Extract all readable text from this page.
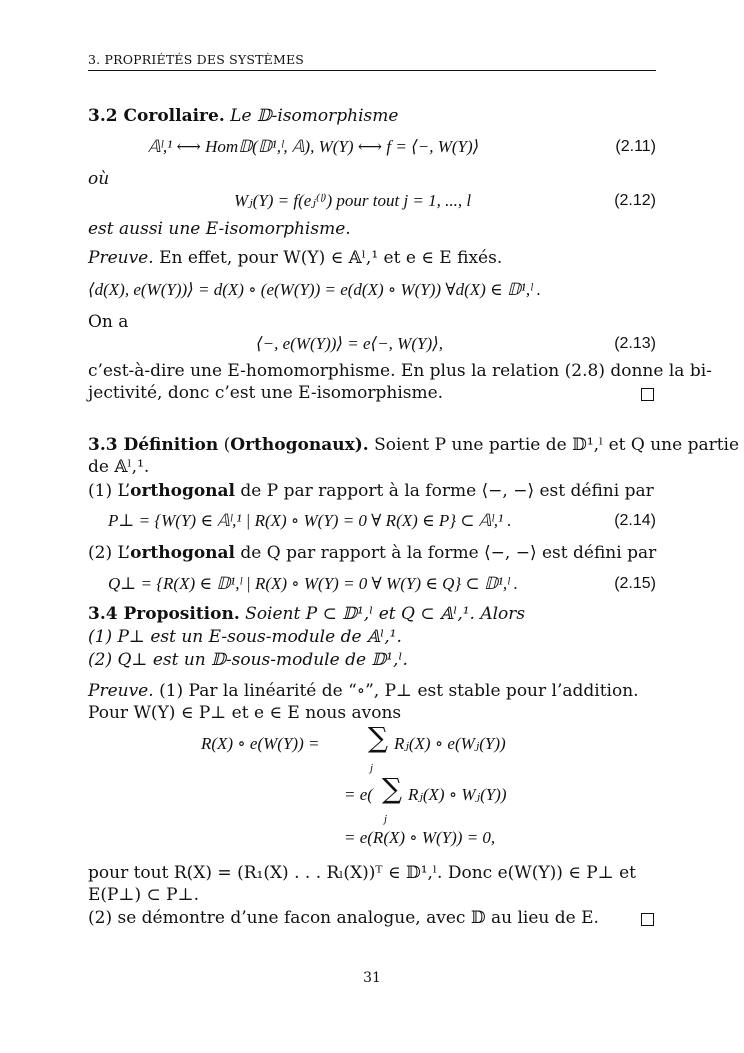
3. PROPRIÉTÉS DES SYSTÈMES
3.2 Corollaire. Le 𝔻-isomorphisme
𝔸ˡ,¹ ⟷ Hom𝔻(𝔻¹,ˡ, 𝔸), W(Y) ⟷ f = ⟨−, W(Y)⟩	(2.11)
où
Wⱼ(Y) = f(eⱼ⁽ˡ⁾) pour tout j = 1, ..., l	(2.12)
est aussi une E-isomorphisme.
Preuve. En effet, pour W(Y) ∈ 𝔸ˡ,¹ et e ∈ E fixés.
⟨d(X), e(W(Y))⟩ = d(X) ∘ (e(W(Y)) = e(d(X) ∘ W(Y)) ∀d(X) ∈ 𝔻¹,ˡ .
On a
⟨−, e(W(Y))⟩ = e⟨−, W(Y)⟩,	(2.13)
c’est-à-dire une E-homomorphisme. En plus la relation (2.8) donne la bi-
jectivité, donc c’est une E-isomorphisme.
3.3 Définition (Orthogonaux). Soient P une partie de 𝔻¹,ˡ et Q une partie
de 𝔸ˡ,¹.
(1) L’orthogonal de P par rapport à la forme ⟨−, −⟩ est défini par
P⊥ = {W(Y) ∈ 𝔸ˡ,¹ | R(X) ∘ W(Y) = 0 ∀ R(X) ∈ P} ⊂ 𝔸ˡ,¹ .	(2.14)
(2) L’orthogonal de Q par rapport à la forme ⟨−, −⟩ est défini par
Q⊥ = {R(X) ∈ 𝔻¹,ˡ | R(X) ∘ W(Y) = 0 ∀ W(Y) ∈ Q} ⊂ 𝔻¹,ˡ .	(2.15)
3.4 Proposition. Soient P ⊂ 𝔻¹,ˡ et Q ⊂ 𝔸ˡ,¹. Alors
(1) P⊥ est un E-sous-module de 𝔸ˡ,¹.
(2) Q⊥ est un 𝔻-sous-module de 𝔻¹,ˡ.
Preuve. (1) Par la linéarité de “∘”, P⊥ est stable pour l’addition.
Pour W(Y) ∈ P⊥ et e ∈ E nous avons
R(X) ∘ e(W(Y)) = ∑
j
Rⱼ(X) ∘ e(Wⱼ(Y))
= e( ∑
j
Rⱼ(X) ∘ Wⱼ(Y))
= e(R(X) ∘ W(Y)) = 0,
pour tout R(X) = (R₁(X) . . . Rₗ(X))ᵀ ∈ 𝔻¹,ˡ. Donc e(W(Y)) ∈ P⊥ et
E(P⊥) ⊂ P⊥.
(2) se démontre d’une facon analogue, avec 𝔻 au lieu de E.
31
